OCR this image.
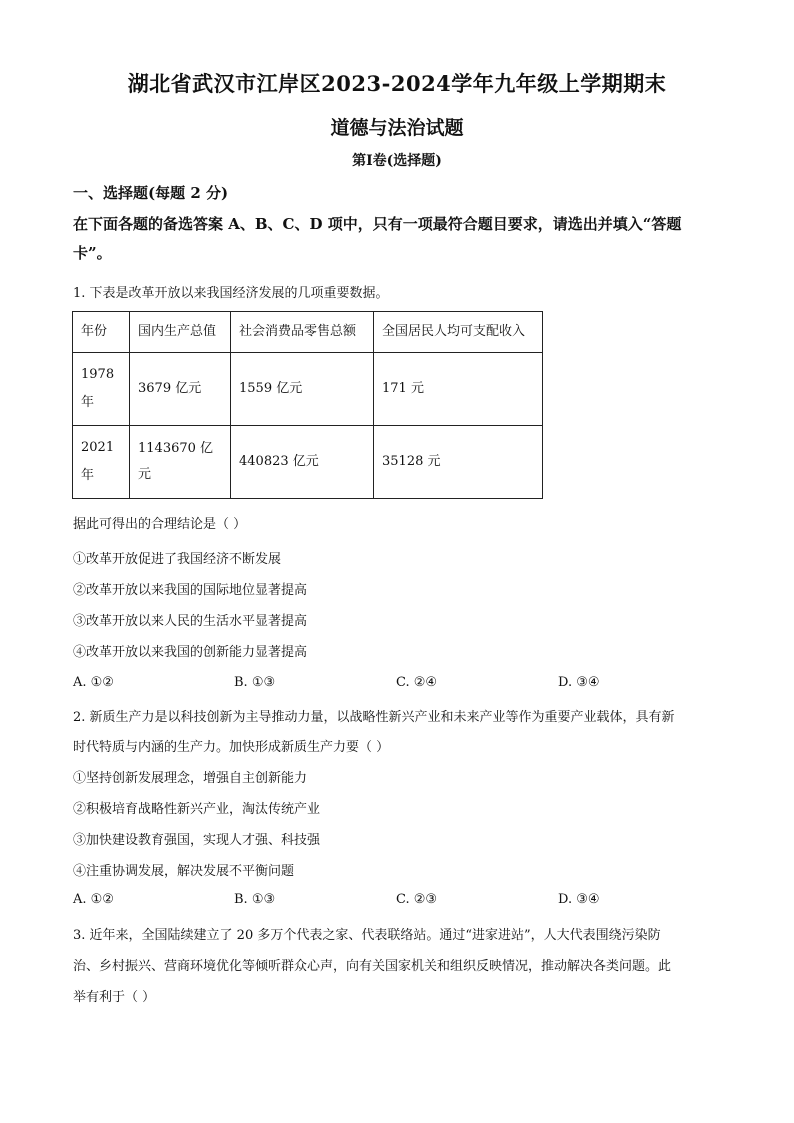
湖北省武汉市江岸区2023-2024学年九年级上学期期末
道德与法治试题
第Ⅰ卷(选择题)
一、选择题(每题 2 分)
在下面各题的备选答案 A、B、C、D 项中，只有一项最符合题目要求，请选出并填入“答题
卡”。
1. 下表是改革开放以来我国经济发展的几项重要数据。
年份	国内生产总值	社会消费品零售总额	全国居民人均可支配收入
1978
年	3679 亿元	1559 亿元	171 元
2021
年	1143670 亿元	440823 亿元	35128 元
据此可得出的合理结论是（ ）
①改革开放促进了我国经济不断发展
②改革开放以来我国的国际地位显著提高
③改革开放以来人民的生活水平显著提高
④改革开放以来我国的创新能力显著提高
A. ①②	B. ①③	C. ②④	D. ③④
2. 新质生产力是以科技创新为主导推动力量，以战略性新兴产业和未来产业等作为重要产业载体，具有新
时代特质与内涵的生产力。加快形成新质生产力要（ ）
①坚持创新发展理念，增强自主创新能力
②积极培育战略性新兴产业，淘汰传统产业
③加快建设教育强国，实现人才强、科技强
④注重协调发展，解决发展不平衡问题
A. ①②	B. ①③	C. ②③	D. ③④
3. 近年来，全国陆续建立了 20 多万个代表之家、代表联络站。通过“进家进站”，人大代表围绕污染防
治、乡村振兴、营商环境优化等倾听群众心声，向有关国家机关和组织反映情况，推动解决各类问题。此
举有利于（ ）
